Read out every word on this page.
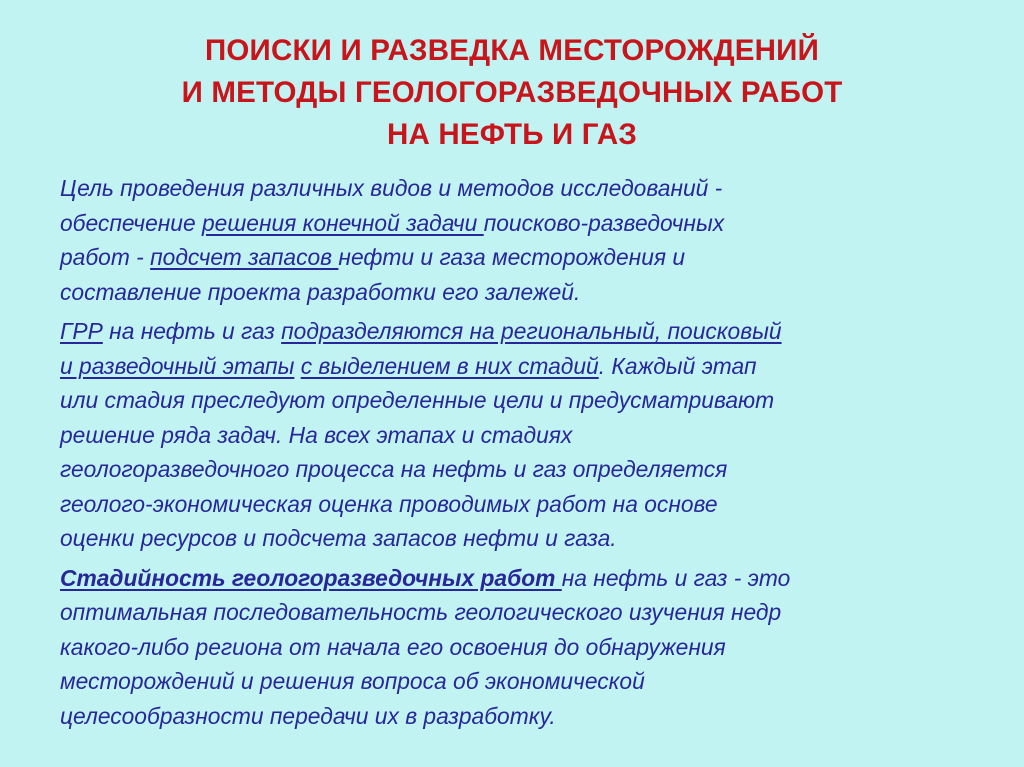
ПОИСКИ И РАЗВЕДКА МЕСТОРОЖДЕНИЙ
И МЕТОДЫ ГЕОЛОГОРАЗВЕДОЧНЫХ РАБОТ
НА НЕФТЬ И ГАЗ
Цель проведения различных видов и методов исследований -
обеспечение решения конечной задачи поисково-разведочных
работ - подсчет запасов нефти и газа месторождения и
составление проекта разработки его залежей.
ГРР на нефть и газ подразделяются на региональный, поисковый
и разведочный этапы с выделением в них стадий. Каждый этап
или стадия преследуют определенные цели и предусматривают
решение ряда задач. На всех этапах и стадиях
геологоразведочного процесса на нефть и газ определяется
геолого-экономическая оценка проводимых работ на основе
оценки ресурсов и подсчета запасов нефти и газа.
Стадийность геологоразведочных работ на нефть и газ - это
оптимальная последовательность геологического изучения недр
какого-либо региона от начала его освоения до обнаружения
месторождений и решения вопроса об экономической
целесообразности передачи их в разработку.
